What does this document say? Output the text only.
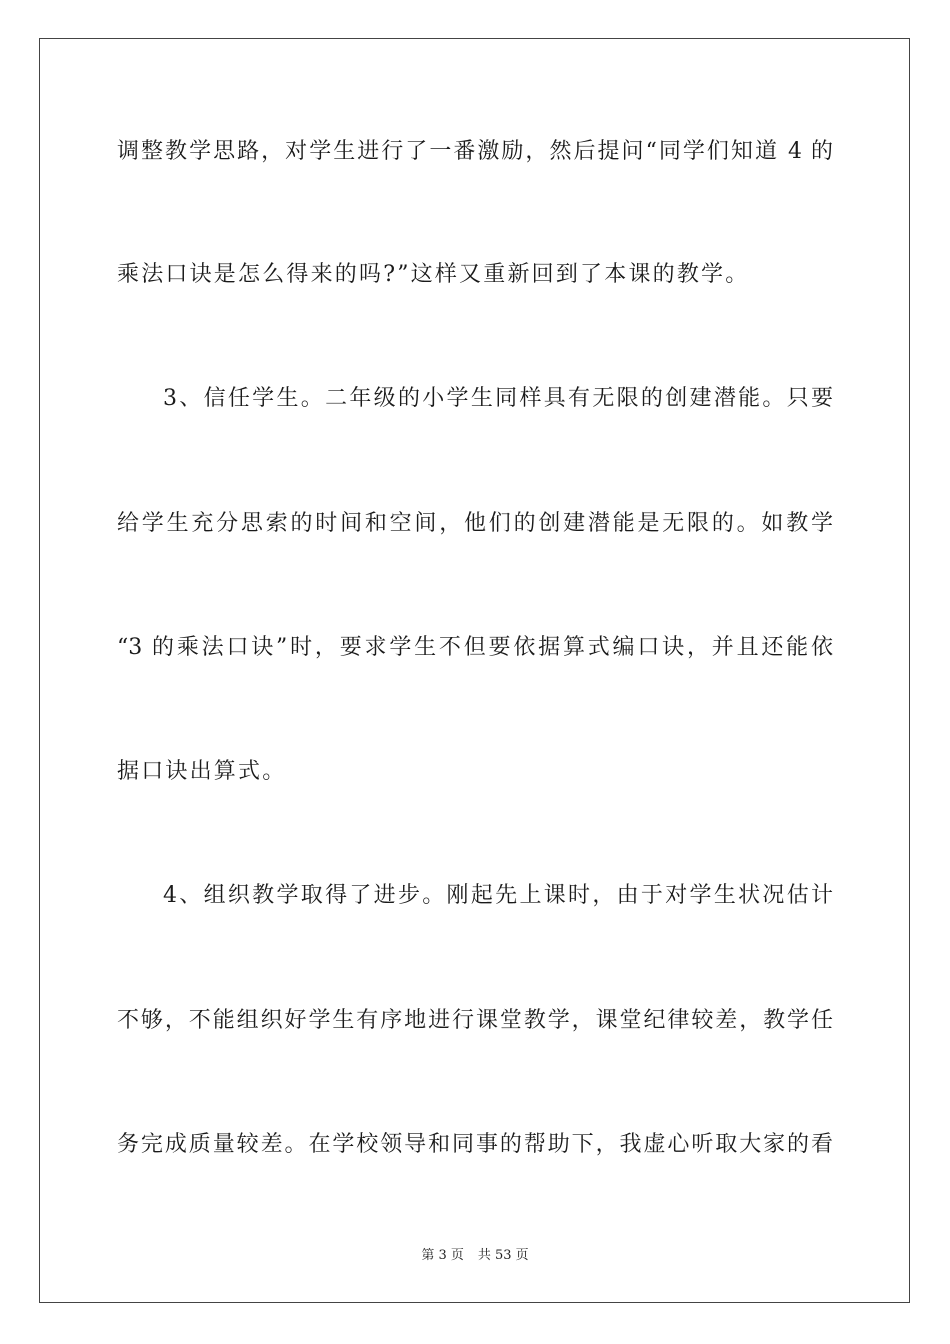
调整教学思路，对学生进行了一番激励，然后提问“同学们知道 4 的
乘法口诀是怎么得来的吗?”这样又重新回到了本课的教学。
3、信任学生。二年级的小学生同样具有无限的创建潜能。只要
给学生充分思索的时间和空间，他们的创建潜能是无限的。如教学
“3 的乘法口诀”时，要求学生不但要依据算式编口诀，并且还能依
据口诀出算式。
4、组织教学取得了进步。刚起先上课时，由于对学生状况估计
不够，不能组织好学生有序地进行课堂教学，课堂纪律较差，教学任
务完成质量较差。在学校领导和同事的帮助下，我虚心听取大家的看
第 3 页 共 53 页
